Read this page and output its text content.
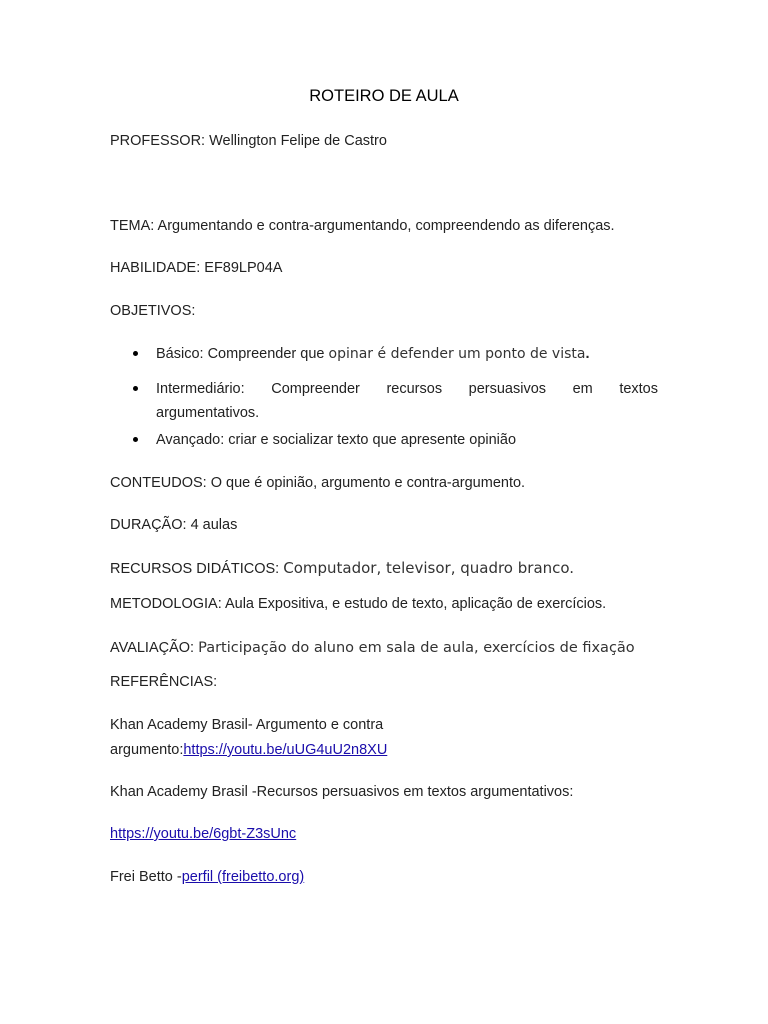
ROTEIRO DE AULA
PROFESSOR: Wellington Felipe de Castro
TEMA: Argumentando e contra-argumentando, compreendendo as diferenças.
HABILIDADE: EF89LP04A
OBJETIVOS:
Básico: Compreender que opinar é defender um ponto de vista.
Intermediário: Compreender recursos persuasivos em textos
argumentativos.
Avançado: criar e socializar texto que apresente opinião
CONTEUDOS: O que é opinião, argumento e contra-argumento.
DURAÇÃO: 4 aulas
RECURSOS DIDÁTICOS: Computador, televisor, quadro branco.
METODOLOGIA: Aula Expositiva, e estudo de texto, aplicação de exercícios.
AVALIAÇÃO: Participação do aluno em sala de aula, exercícios de fixação
REFERÊNCIAS:
Khan Academy Brasil- Argumento e contra
argumento:https://youtu.be/uUG4uU2n8XU
Khan Academy Brasil -Recursos persuasivos em textos argumentativos:
https://youtu.be/6gbt-Z3sUnc
Frei Betto -perfil (freibetto.org)
